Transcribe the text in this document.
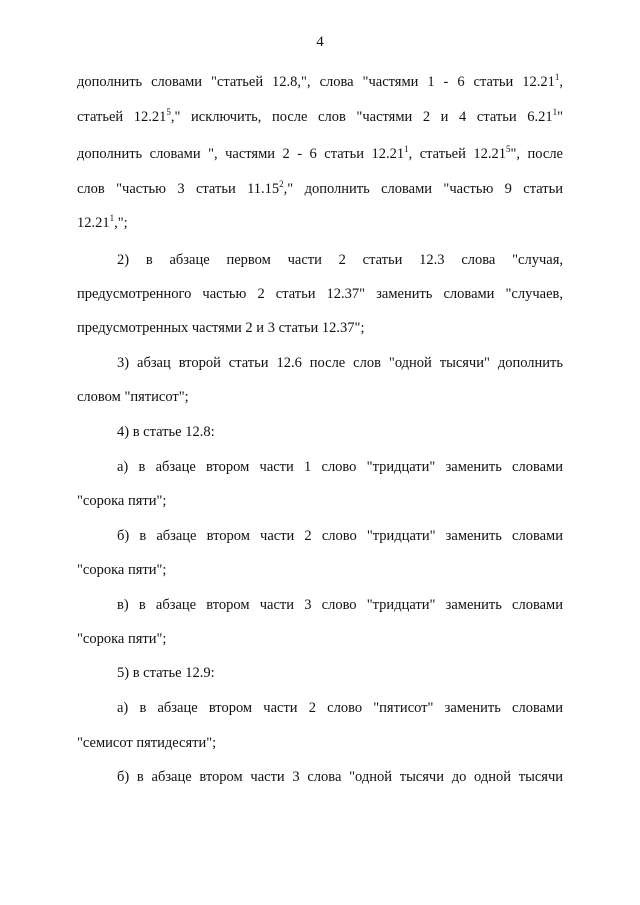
4
дополнить словами "статьей 12.8,", слова "частями 1 - 6 статьи 12.21$^1$,
статьей 12.21$^5$," исключить, после слов "частями 2 и 4 статьи 6.21$^1$"
дополнить словами ", частями 2 - 6 статьи 12.21$^1$, статьей 12.21$^5$", после
слов "частью 3 статьи 11.15$^2$," дополнить словами "частью 9 статьи
12.21$^1$,";
2) в абзаце первом части 2 статьи 12.3 слова "случая,
предусмотренного частью 2 статьи 12.37" заменить словами "случаев,
предусмотренных частями 2 и 3 статьи 12.37";
3) абзац второй статьи 12.6 после слов "одной тысячи" дополнить
словом "пятисот";
4) в статье 12.8:
а) в абзаце втором части 1 слово "тридцати" заменить словами
"сорока пяти";
б) в абзаце втором части 2 слово "тридцати" заменить словами
"сорока пяти";
в) в абзаце втором части 3 слово "тридцати" заменить словами
"сорока пяти";
5) в статье 12.9:
а) в абзаце втором части 2 слово "пятисот" заменить словами
"семисот пятидесяти";
б) в абзаце втором части 3 слова "одной тысячи до одной тысячи
